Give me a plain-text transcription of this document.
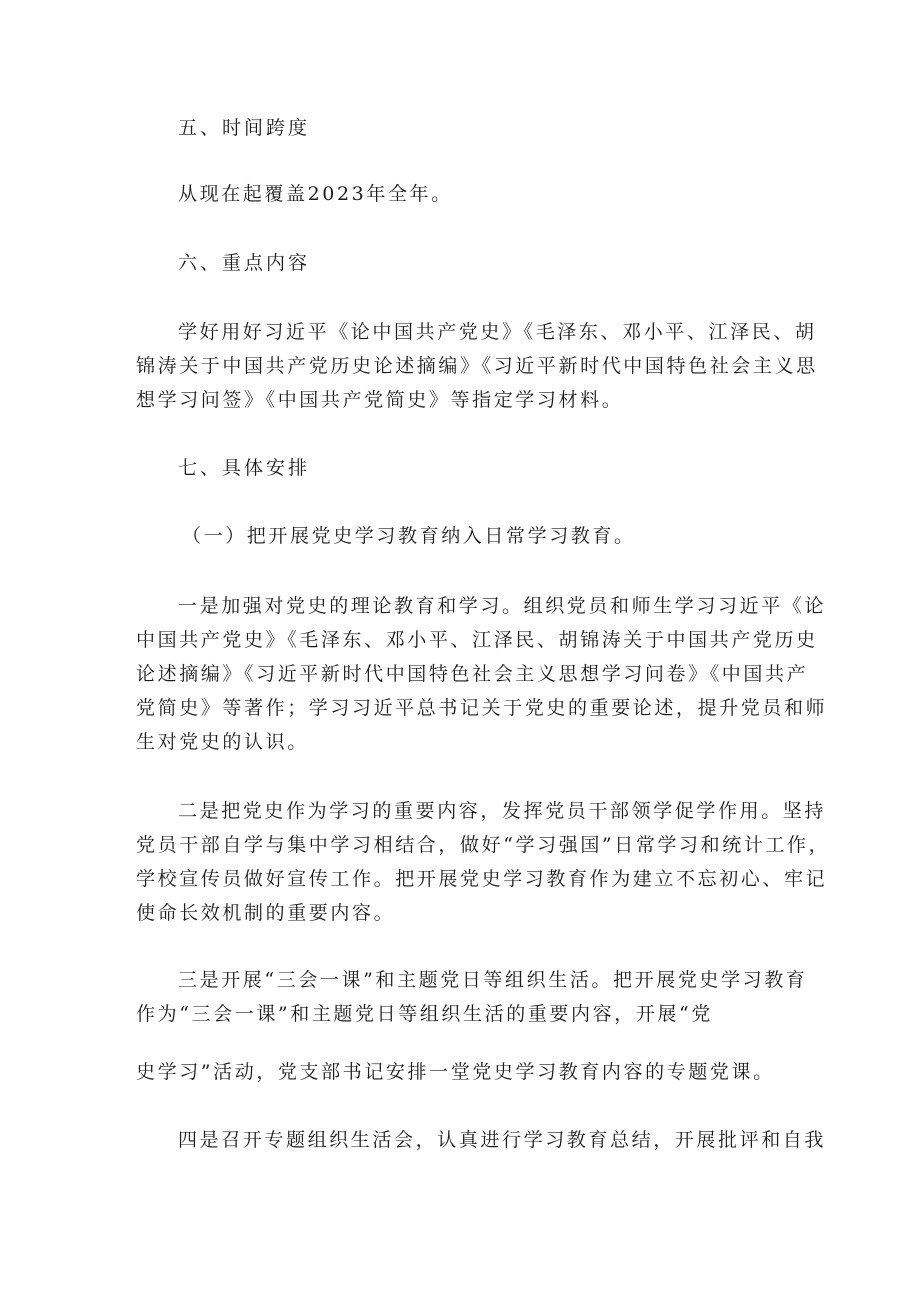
五、时间跨度
从现在起覆盖2023年全年。
六、重点内容
学好用好习近平《论中国共产党史》《毛泽东、邓小平、江泽民、胡
锦涛关于中国共产党历史论述摘编》《习近平新时代中国特色社会主义思
想学习问签》《中国共产党简史》等指定学习材料。
七、具体安排
（一）把开展党史学习教育纳入日常学习教育。
一是加强对党史的理论教育和学习。组织党员和师生学习习近平《论
中国共产党史》《毛泽东、邓小平、江泽民、胡锦涛关于中国共产党历史
论述摘编》《习近平新时代中国特色社会主义思想学习问卷》《中国共产
党简史》等著作；学习习近平总书记关于党史的重要论述，提升党员和师
生对党史的认识。
二是把党史作为学习的重要内容，发挥党员干部领学促学作用。坚持
党员干部自学与集中学习相结合，做好“学习强国”日常学习和统计工作，
学校宣传员做好宣传工作。把开展党史学习教育作为建立不忘初心、牢记
使命长效机制的重要内容。
三是开展“三会一课”和主题党日等组织生活。把开展党史学习教育
作为“三会一课”和主题党日等组织生活的重要内容，开展“党
史学习”活动，党支部书记安排一堂党史学习教育内容的专题党课。
四是召开专题组织生活会，认真进行学习教育总结，开展批评和自我
